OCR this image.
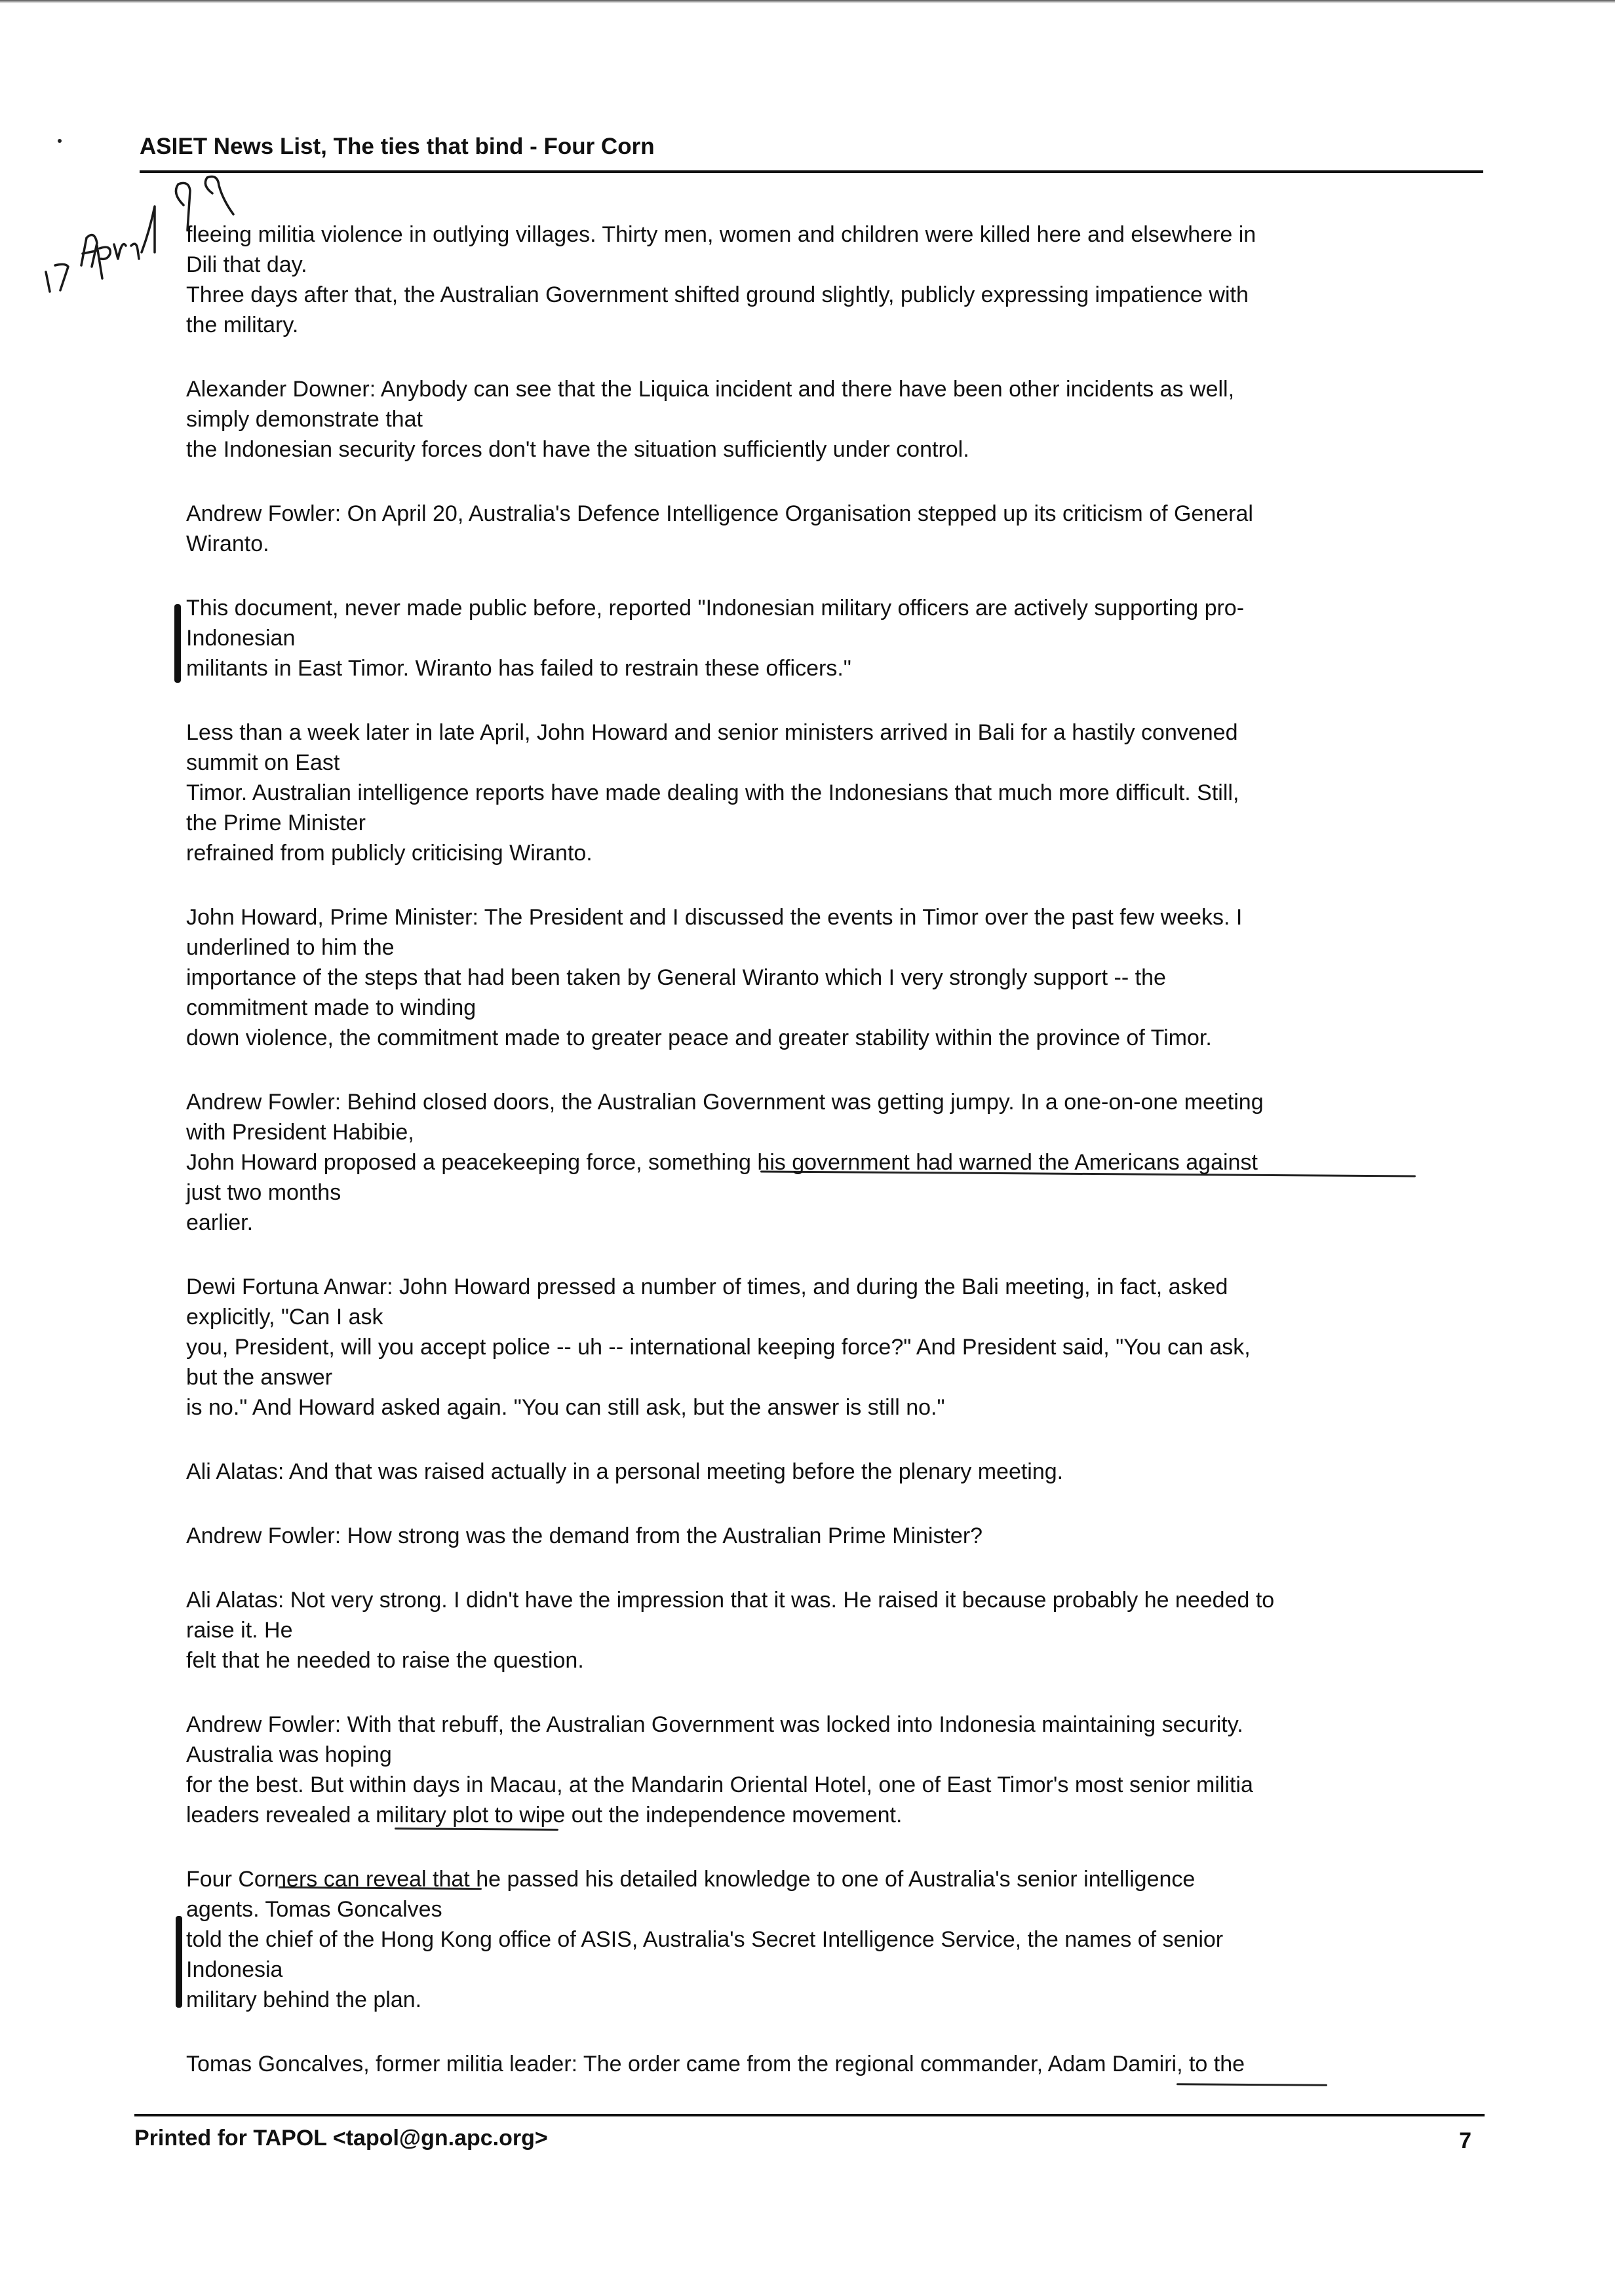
ASIET News List, The ties that bind - Four Corn
fleeing militia violence in outlying villages. Thirty men, women and children were killed here and elsewhere in
Dili that day.
Three days after that, the Australian Government shifted ground slightly, publicly expressing impatience with
the military.
Alexander Downer: Anybody can see that the Liquica incident and there have been other incidents as well,
simply demonstrate that
the Indonesian security forces don't have the situation sufficiently under control.
Andrew Fowler: On April 20, Australia's Defence Intelligence Organisation stepped up its criticism of General
Wiranto.
This document, never made public before, reported "Indonesian military officers are actively supporting pro-
Indonesian
militants in East Timor. Wiranto has failed to restrain these officers."
Less than a week later in late April, John Howard and senior ministers arrived in Bali for a hastily convened
summit on East
Timor. Australian intelligence reports have made dealing with the Indonesians that much more difficult. Still,
the Prime Minister
refrained from publicly criticising Wiranto.
John Howard, Prime Minister: The President and I discussed the events in Timor over the past few weeks. I
underlined to him the
importance of the steps that had been taken by General Wiranto which I very strongly support -- the
commitment made to winding
down violence, the commitment made to greater peace and greater stability within the province of Timor.
Andrew Fowler: Behind closed doors, the Australian Government was getting jumpy. In a one-on-one meeting
with President Habibie,
John Howard proposed a peacekeeping force, something his government had warned the Americans against
just two months
earlier.
Dewi Fortuna Anwar: John Howard pressed a number of times, and during the Bali meeting, in fact, asked
explicitly, "Can I ask
you, President, will you accept police -- uh -- international keeping force?" And President said, "You can ask,
but the answer
is no." And Howard asked again. "You can still ask, but the answer is still no."
Ali Alatas: And that was raised actually in a personal meeting before the plenary meeting.
Andrew Fowler: How strong was the demand from the Australian Prime Minister?
Ali Alatas: Not very strong. I didn't have the impression that it was. He raised it because probably he needed to
raise it. He
felt that he needed to raise the question.
Andrew Fowler: With that rebuff, the Australian Government was locked into Indonesia maintaining security.
Australia was hoping
for the best. But within days in Macau, at the Mandarin Oriental Hotel, one of East Timor's most senior militia
leaders revealed a military plot to wipe out the independence movement.
Four Corners can reveal that he passed his detailed knowledge to one of Australia's senior intelligence
agents. Tomas Goncalves
told the chief of the Hong Kong office of ASIS, Australia's Secret Intelligence Service, the names of senior
Indonesia
military behind the plan.
Tomas Goncalves, former militia leader: The order came from the regional commander, Adam Damiri, to the
Printed for TAPOL <tapol@gn.apc.org>	7
